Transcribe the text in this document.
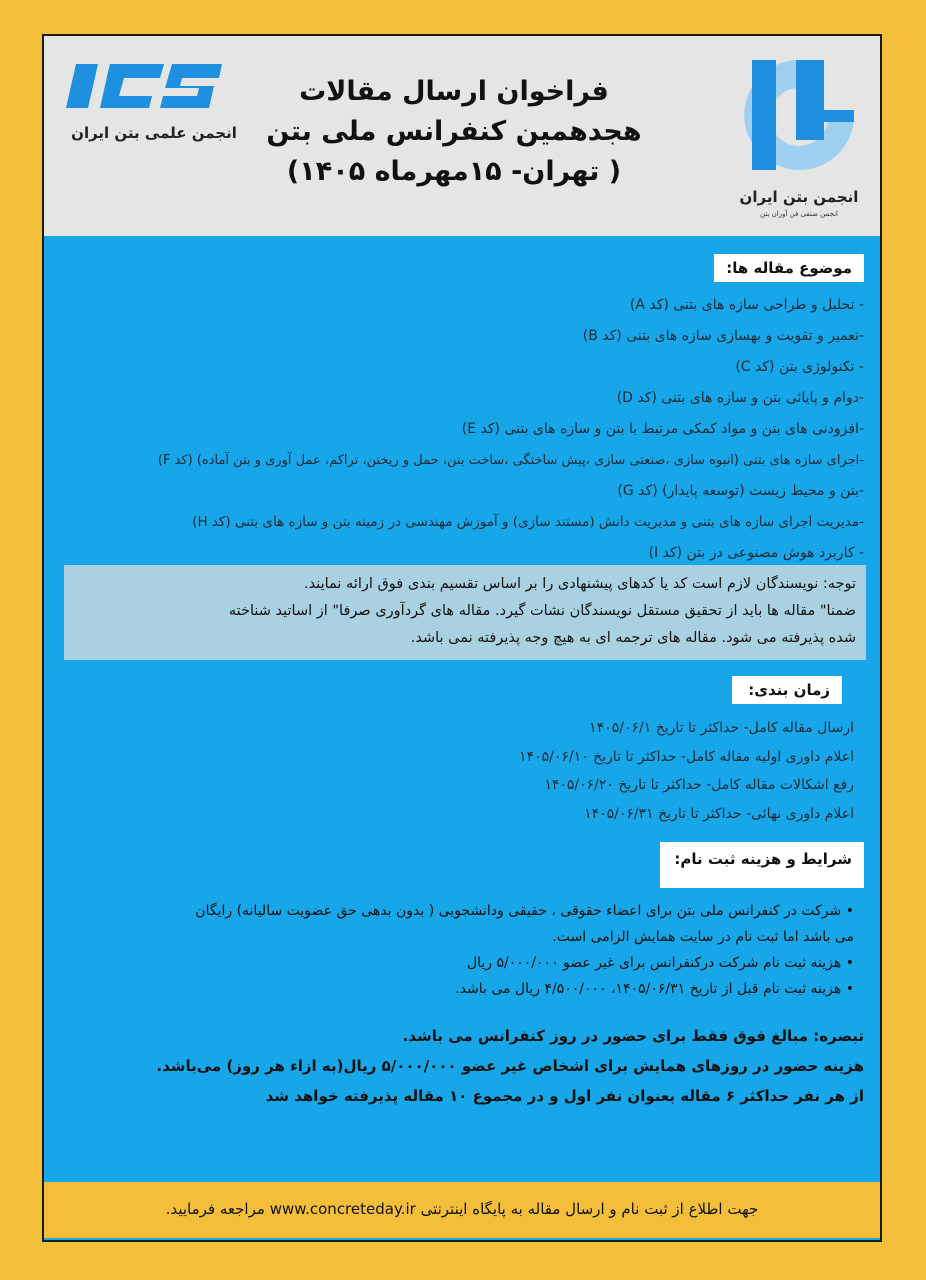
انجمن علمی بتن ایران
فراخوان ارسال مقالات
هجدهمین کنفرانس ملی بتن
( تهران- ۱۵مهرماه ۱۴۰۵)
انجمن بتن ایران
انجمن صنفی فن آوران بتن
موضوع مقاله ها:
- تحلیل و طراحی سازه های بتنی (کد A)
-تعمیر و تقویت و بهسازی سازه های بتنی (کد B)
- تکنولوژی بتن (کد C)
-دوام و پایائی بتن و سازه های بتنی (کد D)
-افزودنی های بتن و مواد کمکی مرتبط با بتن و سازه های بتنی (کد E)
-اجرای سازه های بتنی (انبوه سازی ،صنعتی سازی ،پیش ساختگی ،ساخت بتن، حمل و ریختن، تراکم، عمل آوری و بتن آماده) (کد F)
-بتن و محیط زیست (توسعه پایدار) (کد G)
-مدیریت اجرای سازه های بتنی و مدیریت دانش (مستند سازی) و آموزش مهندسی در زمینه بتن و سازه های بتنی (کد H)
- کاربرد هوش مصنوعی در بتن (کد I)
توجه: نویسندگان لازم است کد یا کدهای پیشنهادی را بر اساس تقسیم بندی فوق ارائه نمایند.
ضمنا" مقاله ها باید از تحقیق مستقل نویسندگان نشات گیرد. مقاله های گردآوری صرفا" از اساتید شناخته
شده پذیرفته می شود. مقاله های ترجمه ای به هیچ وجه پذیرفته نمی باشد.
زمان بندی:
ارسال مقاله کامل- حداکثر تا تاریخ ۱۴۰۵/۰۶/۱
اعلام داوری اولیه مقاله کامل- حداکثر تا تاریخ ۱۴۰۵/۰۶/۱۰
رفع اشکالات مقاله کامل- حداکثر تا تاریخ ۱۴۰۵/۰۶/۲۰
اعلام داوری نهائی- حداکثر تا تاریخ ۱۴۰۵/۰۶/۳۱
شرایط و هزینه ثبت نام:
• شرکت در کنفرانس ملی بتن برای اعضاء حقوقی ، حقیقی ودانشجویی ( بدون بدهی حق عضویت سالیانه) رایگان
می باشد اما ثبت نام در سایت همایش الزامی است.
• هزینه ثبت نام شرکت درکنفرانس برای غیر عضو ۵/۰۰۰/۰۰۰ ریال
• هزینه ثبت نام قبل از تاریخ ۱۴۰۵/۰۶/۳۱، ۴/۵۰۰/۰۰۰ ریال می باشد.
تبصره: مبالغ فوق فقط برای حضور در روز کنفرانس می باشد.
هزینه حضور در روزهای همایش برای اشخاص غیر عضو ۵/۰۰۰/۰۰۰ ریال(به ازاء هر روز) می‌باشد.
از هر نفر حداکثر ۶ مقاله بعنوان نفر اول و در مجموع ۱۰ مقاله پذیرفته خواهد شد
جهت اطلاع از ثبت نام و ارسال مقاله به پایگاه اینترنتی www.concreteday.ir مراجعه فرمایید.
